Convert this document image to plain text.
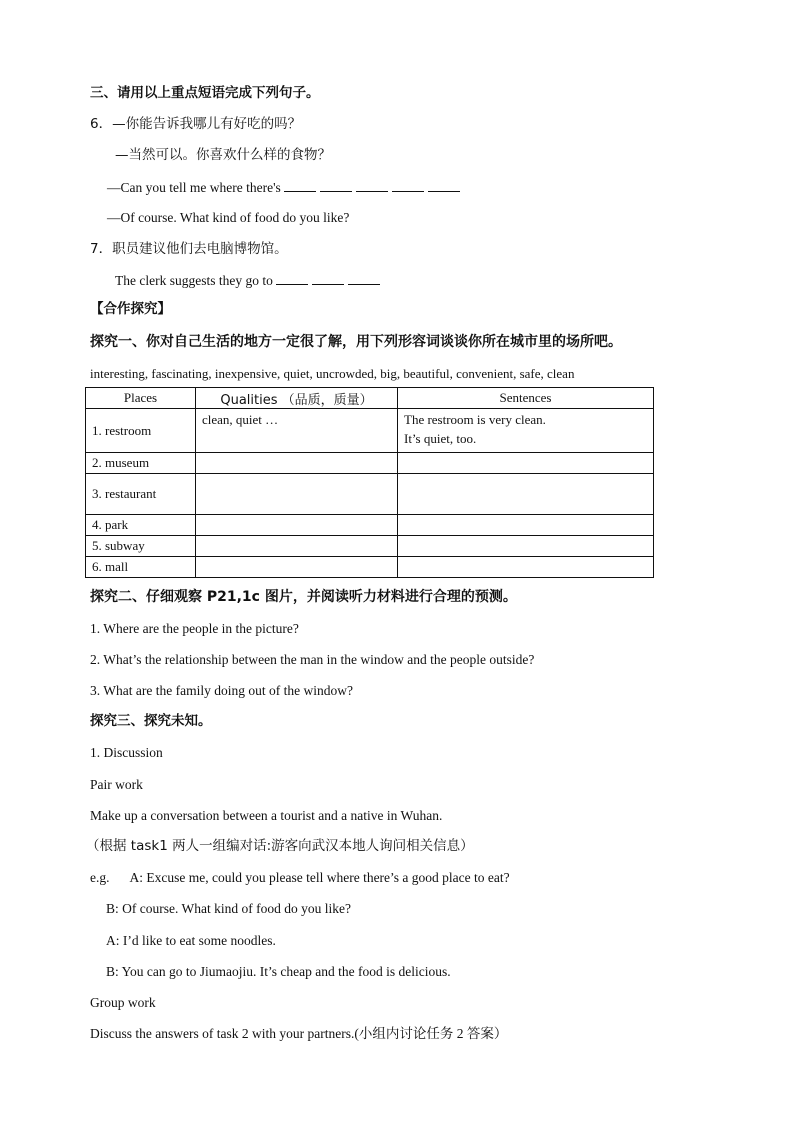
三、请用以上重点短语完成下列句子。
6．—你能告诉我哪儿有好吃的吗？
—当然可以。你喜欢什么样的食物？
—Can you tell me where there's
—Of course. What kind of food do you like?
7．职员建议他们去电脑博物馆。
The clerk suggests they go to
【合作探究】
探究一、你对自己生活的地方一定很了解，用下列形容词谈谈你所在城市里的场所吧。
interesting, fascinating, inexpensive, quiet, uncrowded, big, beautiful, convenient, safe, clean
Places	Qualities （品质，质量）	Sentences
1. restroom	clean, quiet …	The restroom is very clean.
It’s quiet, too.

2. museum		
3. restaurant		
4. park		
5. subway		
6. mall		
探究二、仔细观察 P21,1c 图片，并阅读听力材料进行合理的预测。
1. Where are the people in the picture?
2. What’s the relationship between the man in the window and the people outside?
3. What are the family doing out of the window?
探究三、探究未知。
1. Discussion
Pair work
Make up a conversation between a tourist and a native in Wuhan.
（根据 task1 两人一组编对话:游客向武汉本地人询问相关信息）
e.g. A: Excuse me, could you please tell where there’s a good place to eat?
B: Of course. What kind of food do you like?
A: I’d like to eat some noodles.
B: You can go to Jiumaojiu. It’s cheap and the food is delicious.
Group work
Discuss the answers of task 2 with your partners.(小组内讨论任务 2 答案）
